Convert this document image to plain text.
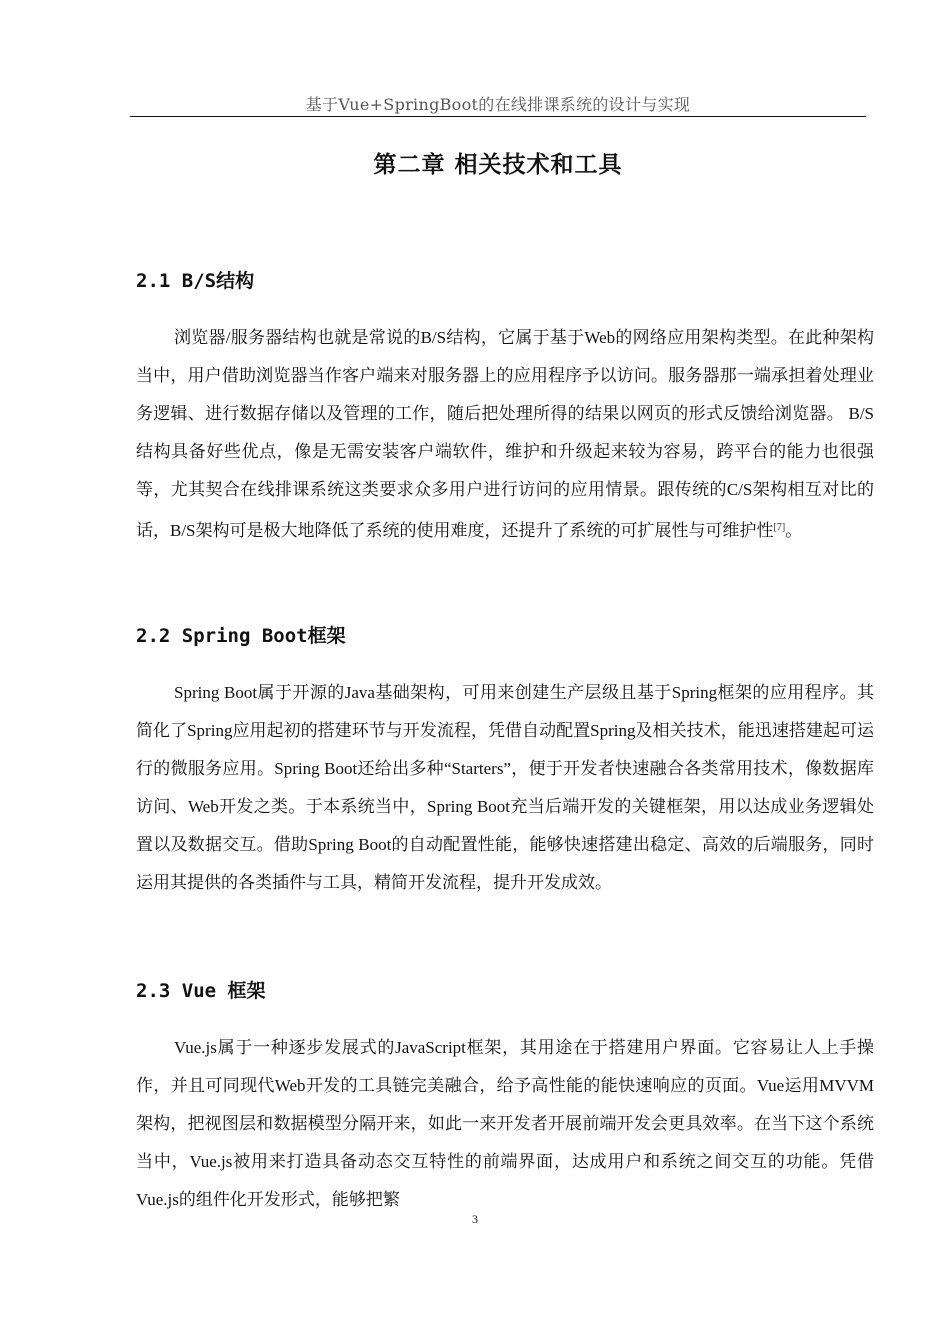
基于Vue+SpringBoot的在线排课系统的设计与实现
第二章 相关技术和工具
2.1 B/S结构

浏览器/服务器结构也就是常说的B/S结构，它属于基于Web的网络应用架构类型。在此种架构当中，用户借助浏览器当作客户端来对服务器上的应用程序予以访问。服务器那一端承担着处理业务逻辑、进行数据存储以及管理的工作，随后把处理所得的结果以网页的形式反馈给浏览器。 B/S结构具备好些优点，像是无需安装客户端软件，维护和升级起来较为容易，跨平台的能力也很强等，尤其契合在线排课系统这类要求众多用户进行访问的应用情景。跟传统的C/S架构相互对比的话，B/S架构可是极大地降低了系统的使用难度，还提升了系统的可扩展性与可维护性[7]。

2.2 Spring Boot框架

Spring Boot属于开源的Java基础架构，可用来创建生产层级且基于Spring框架的应用程序。其简化了Spring应用起初的搭建环节与开发流程，凭借自动配置Spring及相关技术，能迅速搭建起可运行的微服务应用。Spring Boot还给出多种“Starters”，便于开发者快速融合各类常用技术，像数据库访问、Web开发之类。于本系统当中，Spring Boot充当后端开发的关键框架，用以达成业务逻辑处置以及数据交互。借助Spring Boot的自动配置性能，能够快速搭建出稳定、高效的后端服务，同时运用其提供的各类插件与工具，精简开发流程，提升开发成效。

2.3 Vue 框架

Vue.js属于一种逐步发展式的JavaScript框架，其用途在于搭建用户界面。它容易让人上手操作，并且可同现代Web开发的工具链完美融合，给予高性能的能快速响应的页面。Vue运用MVVM架构，把视图层和数据模型分隔开来，如此一来开发者开展前端开发会更具效率。在当下这个系统当中，Vue.js被用来打造具备动态交互特性的前端界面，达成用户和系统之间交互的功能。凭借Vue.js的组件化开发形式，能够把繁

3
